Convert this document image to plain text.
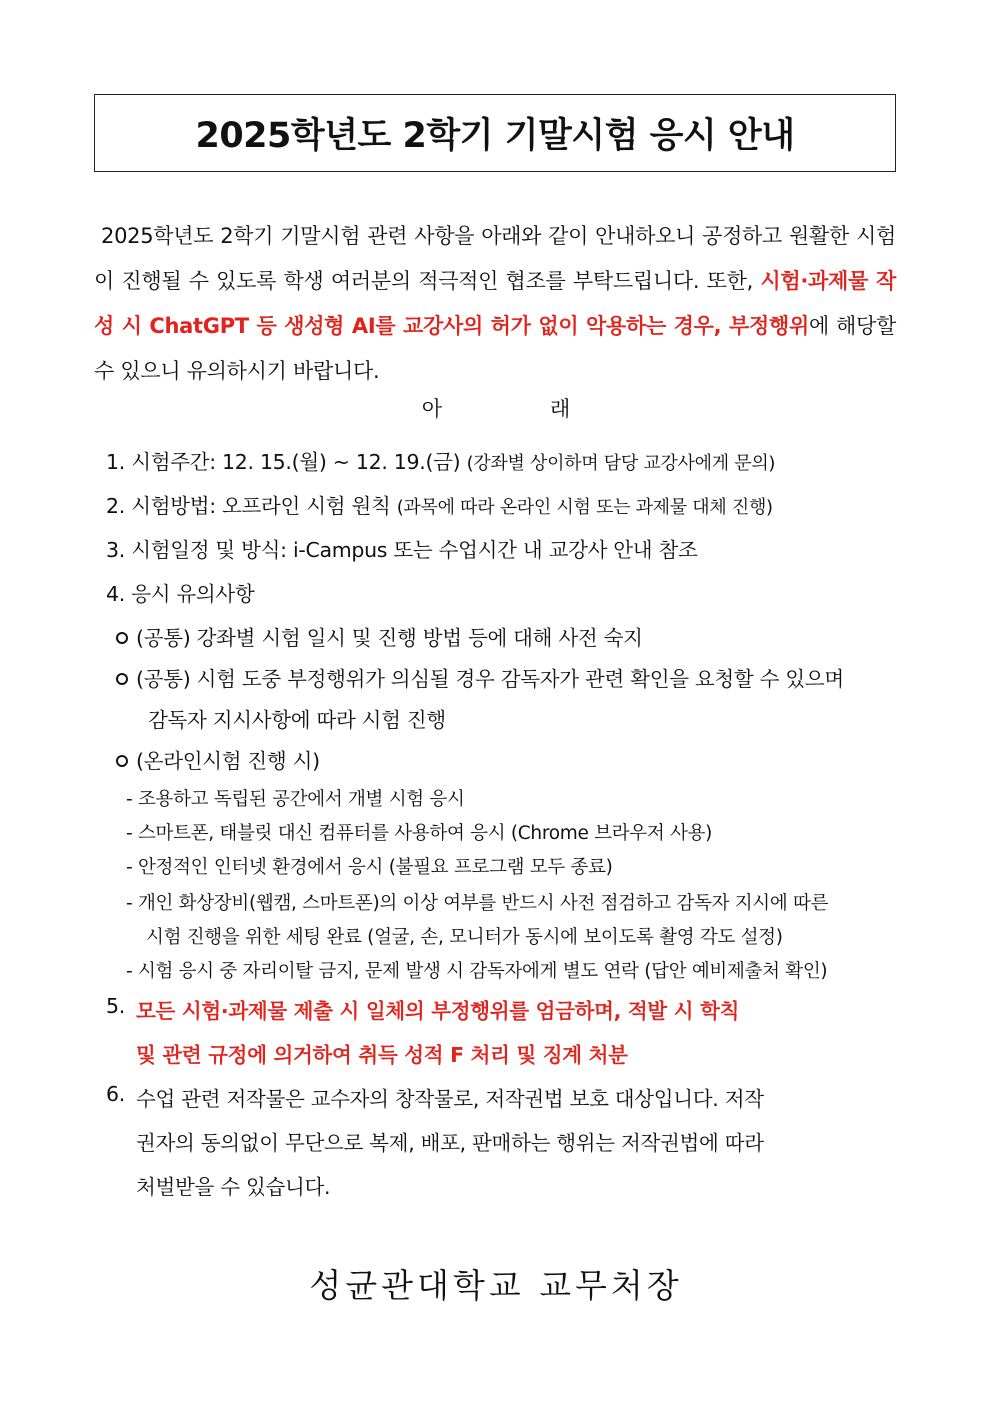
2025학년도 2학기 기말시험 응시 안내
2025학년도 2학기 기말시험 관련 사항을 아래와 같이 안내하오니 공정하고 원활한 시험이 진행될 수 있도록 학생 여러분의 적극적인 협조를 부탁드립니다. 또한, 시험·과제물 작성 시 ChatGPT 등 생성형 AI를 교강사의 허가 없이 악용하는 경우, 부정행위에 해당할 수 있으니 유의하시기 바랍니다.
아래
1. 시험주간: 12. 15.(월) ~ 12. 19.(금) (강좌별 상이하며 담당 교강사에게 문의)
2. 시험방법: 오프라인 시험 원칙 (과목에 따라 온라인 시험 또는 과제물 대체 진행)
3. 시험일정 및 방식: i-Campus 또는 수업시간 내 교강사 안내 참조
4. 응시 유의사항
(공통) 강좌별 시험 일시 및 진행 방법 등에 대해 사전 숙지
(공통) 시험 도중 부정행위가 의심될 경우 감독자가 관련 확인을 요청할 수 있으며
감독자 지시사항에 따라 시험 진행
(온라인시험 진행 시)
- 조용하고 독립된 공간에서 개별 시험 응시
- 스마트폰, 태블릿 대신 컴퓨터를 사용하여 응시 (Chrome 브라우저 사용)
- 안정적인 인터넷 환경에서 응시 (불필요 프로그램 모두 종료)
- 개인 화상장비(웹캠, 스마트폰)의 이상 여부를 반드시 사전 점검하고 감독자 지시에 따른
시험 진행을 위한 세팅 완료 (얼굴, 손, 모니터가 동시에 보이도록 촬영 각도 설정)
- 시험 응시 중 자리이탈 금지, 문제 발생 시 감독자에게 별도 연락 (답안 예비제출처 확인)
5. 모든 시험·과제물 제출 시 일체의 부정행위를 엄금하며, 적발 시 학칙
및 관련 규정에 의거하여 취득 성적 F 처리 및 징계 처분
6. 수업 관련 저작물은 교수자의 창작물로, 저작권법 보호 대상입니다. 저작
권자의 동의없이 무단으로 복제, 배포, 판매하는 행위는 저작권법에 따라
처벌받을 수 있습니다.
성균관대학교 교무처장
